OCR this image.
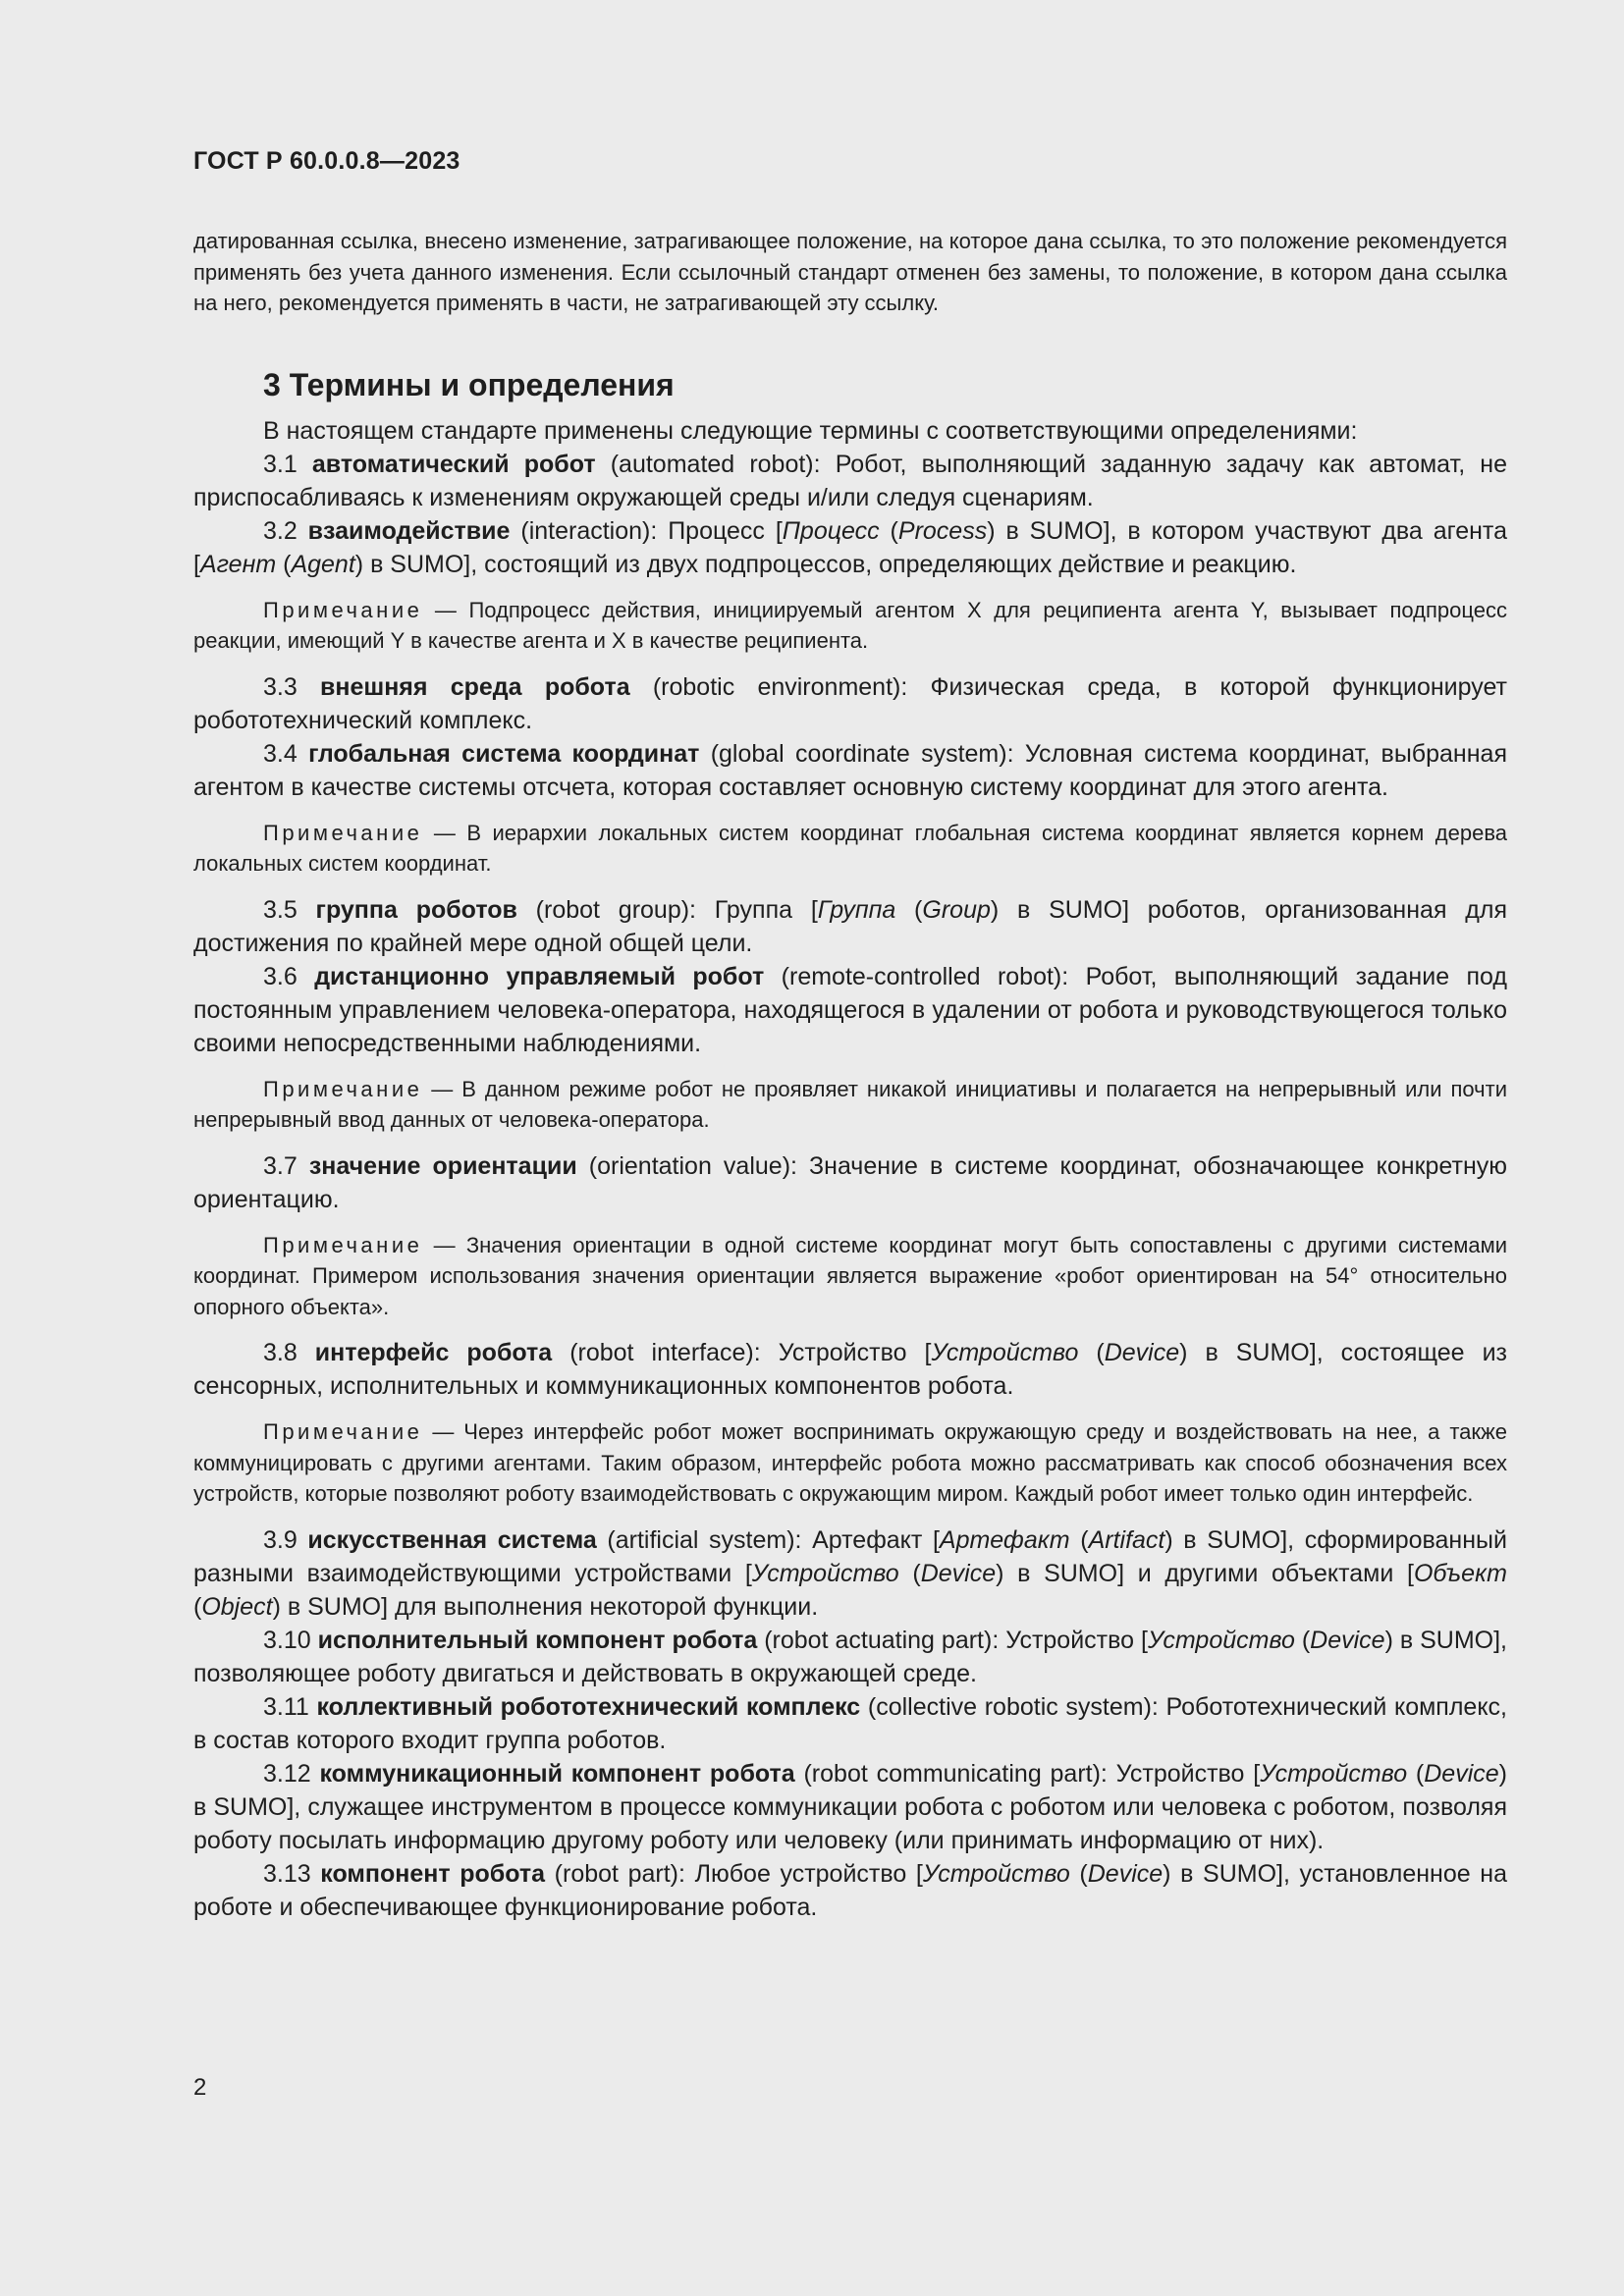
ГОСТ Р 60.0.0.8—2023

датированная ссылка, внесено изменение, затрагивающее положение, на которое дана ссылка, то это положение рекомендуется применять без учета данного изменения. Если ссылочный стандарт отменен без замены, то положение, в котором дана ссылка на него, рекомендуется применять в части, не затрагивающей эту ссылку.

3 Термины и определения

В настоящем стандарте применены следующие термины с соответствующими определениями:

3.1 автоматический робот (automated robot): Робот, выполняющий заданную задачу как автомат, не приспосабливаясь к изменениям окружающей среды и/или следуя сценариям.

3.2 взаимодействие (interaction): Процесс [Процесс (Process) в SUMO], в котором участвуют два агента [Агент (Agent) в SUMO], состоящий из двух подпроцессов, определяющих действие и реакцию.

Примечание — Подпроцесс действия, инициируемый агентом X для реципиента агента Y, вызывает подпроцесс реакции, имеющий Y в качестве агента и X в качестве реципиента.

3.3 внешняя среда робота (robotic environment): Физическая среда, в которой функционирует робототехнический комплекс.

3.4 глобальная система координат (global coordinate system): Условная система координат, выбранная агентом в качестве системы отсчета, которая составляет основную систему координат для этого агента.

Примечание — В иерархии локальных систем координат глобальная система координат является корнем дерева локальных систем координат.

3.5 группа роботов (robot group): Группа [Группа (Group) в SUMO] роботов, организованная для достижения по крайней мере одной общей цели.

3.6 дистанционно управляемый робот (remote-controlled robot): Робот, выполняющий задание под постоянным управлением человека-оператора, находящегося в удалении от робота и руководствующегося только своими непосредственными наблюдениями.

Примечание — В данном режиме робот не проявляет никакой инициативы и полагается на непрерывный или почти непрерывный ввод данных от человека-оператора.

3.7 значение ориентации (orientation value): Значение в системе координат, обозначающее конкретную ориентацию.

Примечание — Значения ориентации в одной системе координат могут быть сопоставлены с другими системами координат. Примером использования значения ориентации является выражение «робот ориентирован на 54° относительно опорного объекта».

3.8 интерфейс робота (robot interface): Устройство [Устройство (Device) в SUMO], состоящее из сенсорных, исполнительных и коммуникационных компонентов робота.

Примечание — Через интерфейс робот может воспринимать окружающую среду и воздействовать на нее, а также коммуницировать с другими агентами. Таким образом, интерфейс робота можно рассматривать как способ обозначения всех устройств, которые позволяют роботу взаимодействовать с окружающим миром. Каждый робот имеет только один интерфейс.

3.9 искусственная система (artificial system): Артефакт [Артефакт (Artifact) в SUMO], сформированный разными взаимодействующими устройствами [Устройство (Device) в SUMO] и другими объектами [Объект (Object) в SUMO] для выполнения некоторой функции.

3.10 исполнительный компонент робота (robot actuating part): Устройство [Устройство (Device) в SUMO], позволяющее роботу двигаться и действовать в окружающей среде.

3.11 коллективный робототехнический комплекс (collective robotic system): Робототехнический комплекс, в состав которого входит группа роботов.

3.12 коммуникационный компонент робота (robot communicating part): Устройство [Устройство (Device) в SUMO], служащее инструментом в процессе коммуникации робота с роботом или человека с роботом, позволяя роботу посылать информацию другому роботу или человеку (или принимать информацию от них).

3.13 компонент робота (robot part): Любое устройство [Устройство (Device) в SUMO], установленное на роботе и обеспечивающее функционирование робота.

2
